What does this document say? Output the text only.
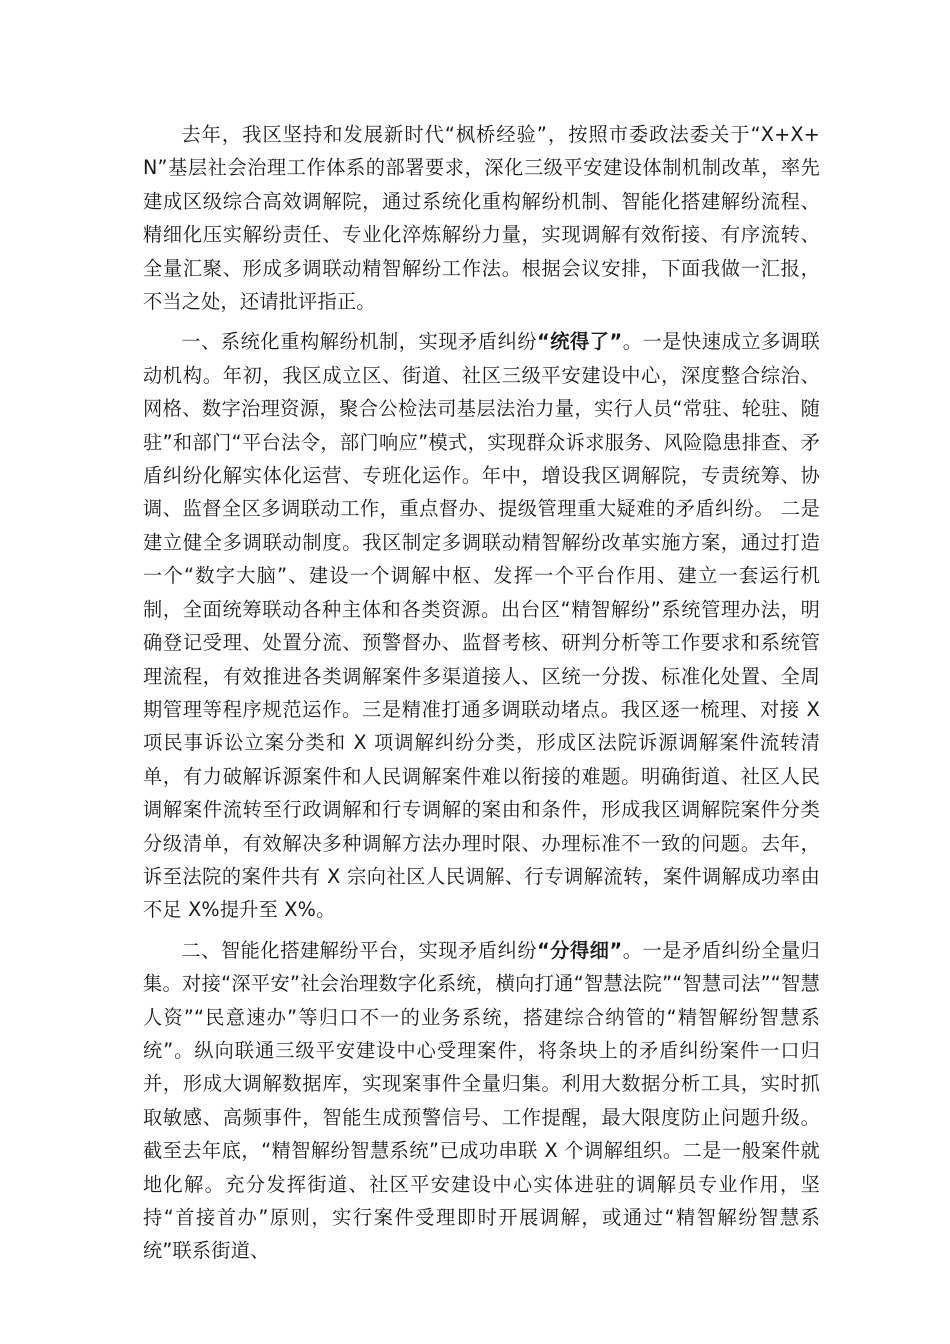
去年，我区坚持和发展新时代“枫桥经验”，按照市委政法委关于“X+X+N”基层社会治理工作体系的部署要求，深化三级平安建设体制机制改革，率先建成区级综合高效调解院，通过系统化重构解纷机制、智能化搭建解纷流程、精细化压实解纷责任、专业化淬炼解纷力量，实现调解有效衔接、有序流转、全量汇聚、形成多调联动精智解纷工作法。根据会议安排，下面我做一汇报，不当之处，还请批评指正。

一、系统化重构解纷机制，实现矛盾纠纷“统得了”。一是快速成立多调联动机构。年初，我区成立区、街道、社区三级平安建设中心，深度整合综治、网格、数字治理资源，聚合公检法司基层法治力量，实行人员“常驻、轮驻、随驻”和部门“平台法令，部门响应”模式，实现群众诉求服务、风险隐患排查、矛盾纠纷化解实体化运营、专班化运作。年中，增设我区调解院，专责统筹、协调、监督全区多调联动工作，重点督办、提级管理重大疑难的矛盾纠纷。 二是建立健全多调联动制度。我区制定多调联动精智解纷改革实施方案，通过打造一个“数字大脑”、建设一个调解中枢、发挥一个平台作用、建立一套运行机制，全面统筹联动各种主体和各类资源。出台区“精智解纷”系统管理办法，明确登记受理、处置分流、预警督办、监督考核、研判分析等工作要求和系统管理流程，有效推进各类调解案件多渠道接人、区统一分拨、标准化处置、全周期管理等程序规范运作。三是精准打通多调联动堵点。我区逐一梳理、对接 X 项民事诉讼立案分类和 X 项调解纠纷分类，形成区法院诉源调解案件流转清单，有力破解诉源案件和人民调解案件难以衔接的难题。明确街道、社区人民调解案件流转至行政调解和行专调解的案由和条件，形成我区调解院案件分类分级清单，有效解决多种调解方法办理时限、办理标准不一致的问题。去年，诉至法院的案件共有 X 宗向社区人民调解、行专调解流转，案件调解成功率由不足 X%提升至 X%。

二、智能化搭建解纷平台，实现矛盾纠纷“分得细”。一是矛盾纠纷全量归集。对接“深平安”社会治理数字化系统，横向打通“智慧法院”“智慧司法”“智慧人资”“民意速办”等归口不一的业务系统，搭建综合纳管的“精智解纷智慧系统”。纵向联通三级平安建设中心受理案件，将条块上的矛盾纠纷案件一口归并，形成大调解数据库，实现案事件全量归集。利用大数据分析工具，实时抓取敏感、高频事件，智能生成预警信号、工作提醒，最大限度防止问题升级。截至去年底，“精智解纷智慧系统”已成功串联 X 个调解组织。二是一般案件就地化解。充分发挥街道、社区平安建设中心实体进驻的调解员专业作用，坚持“首接首办”原则，实行案件受理即时开展调解，或通过“精智解纷智慧系统”联系街道、
